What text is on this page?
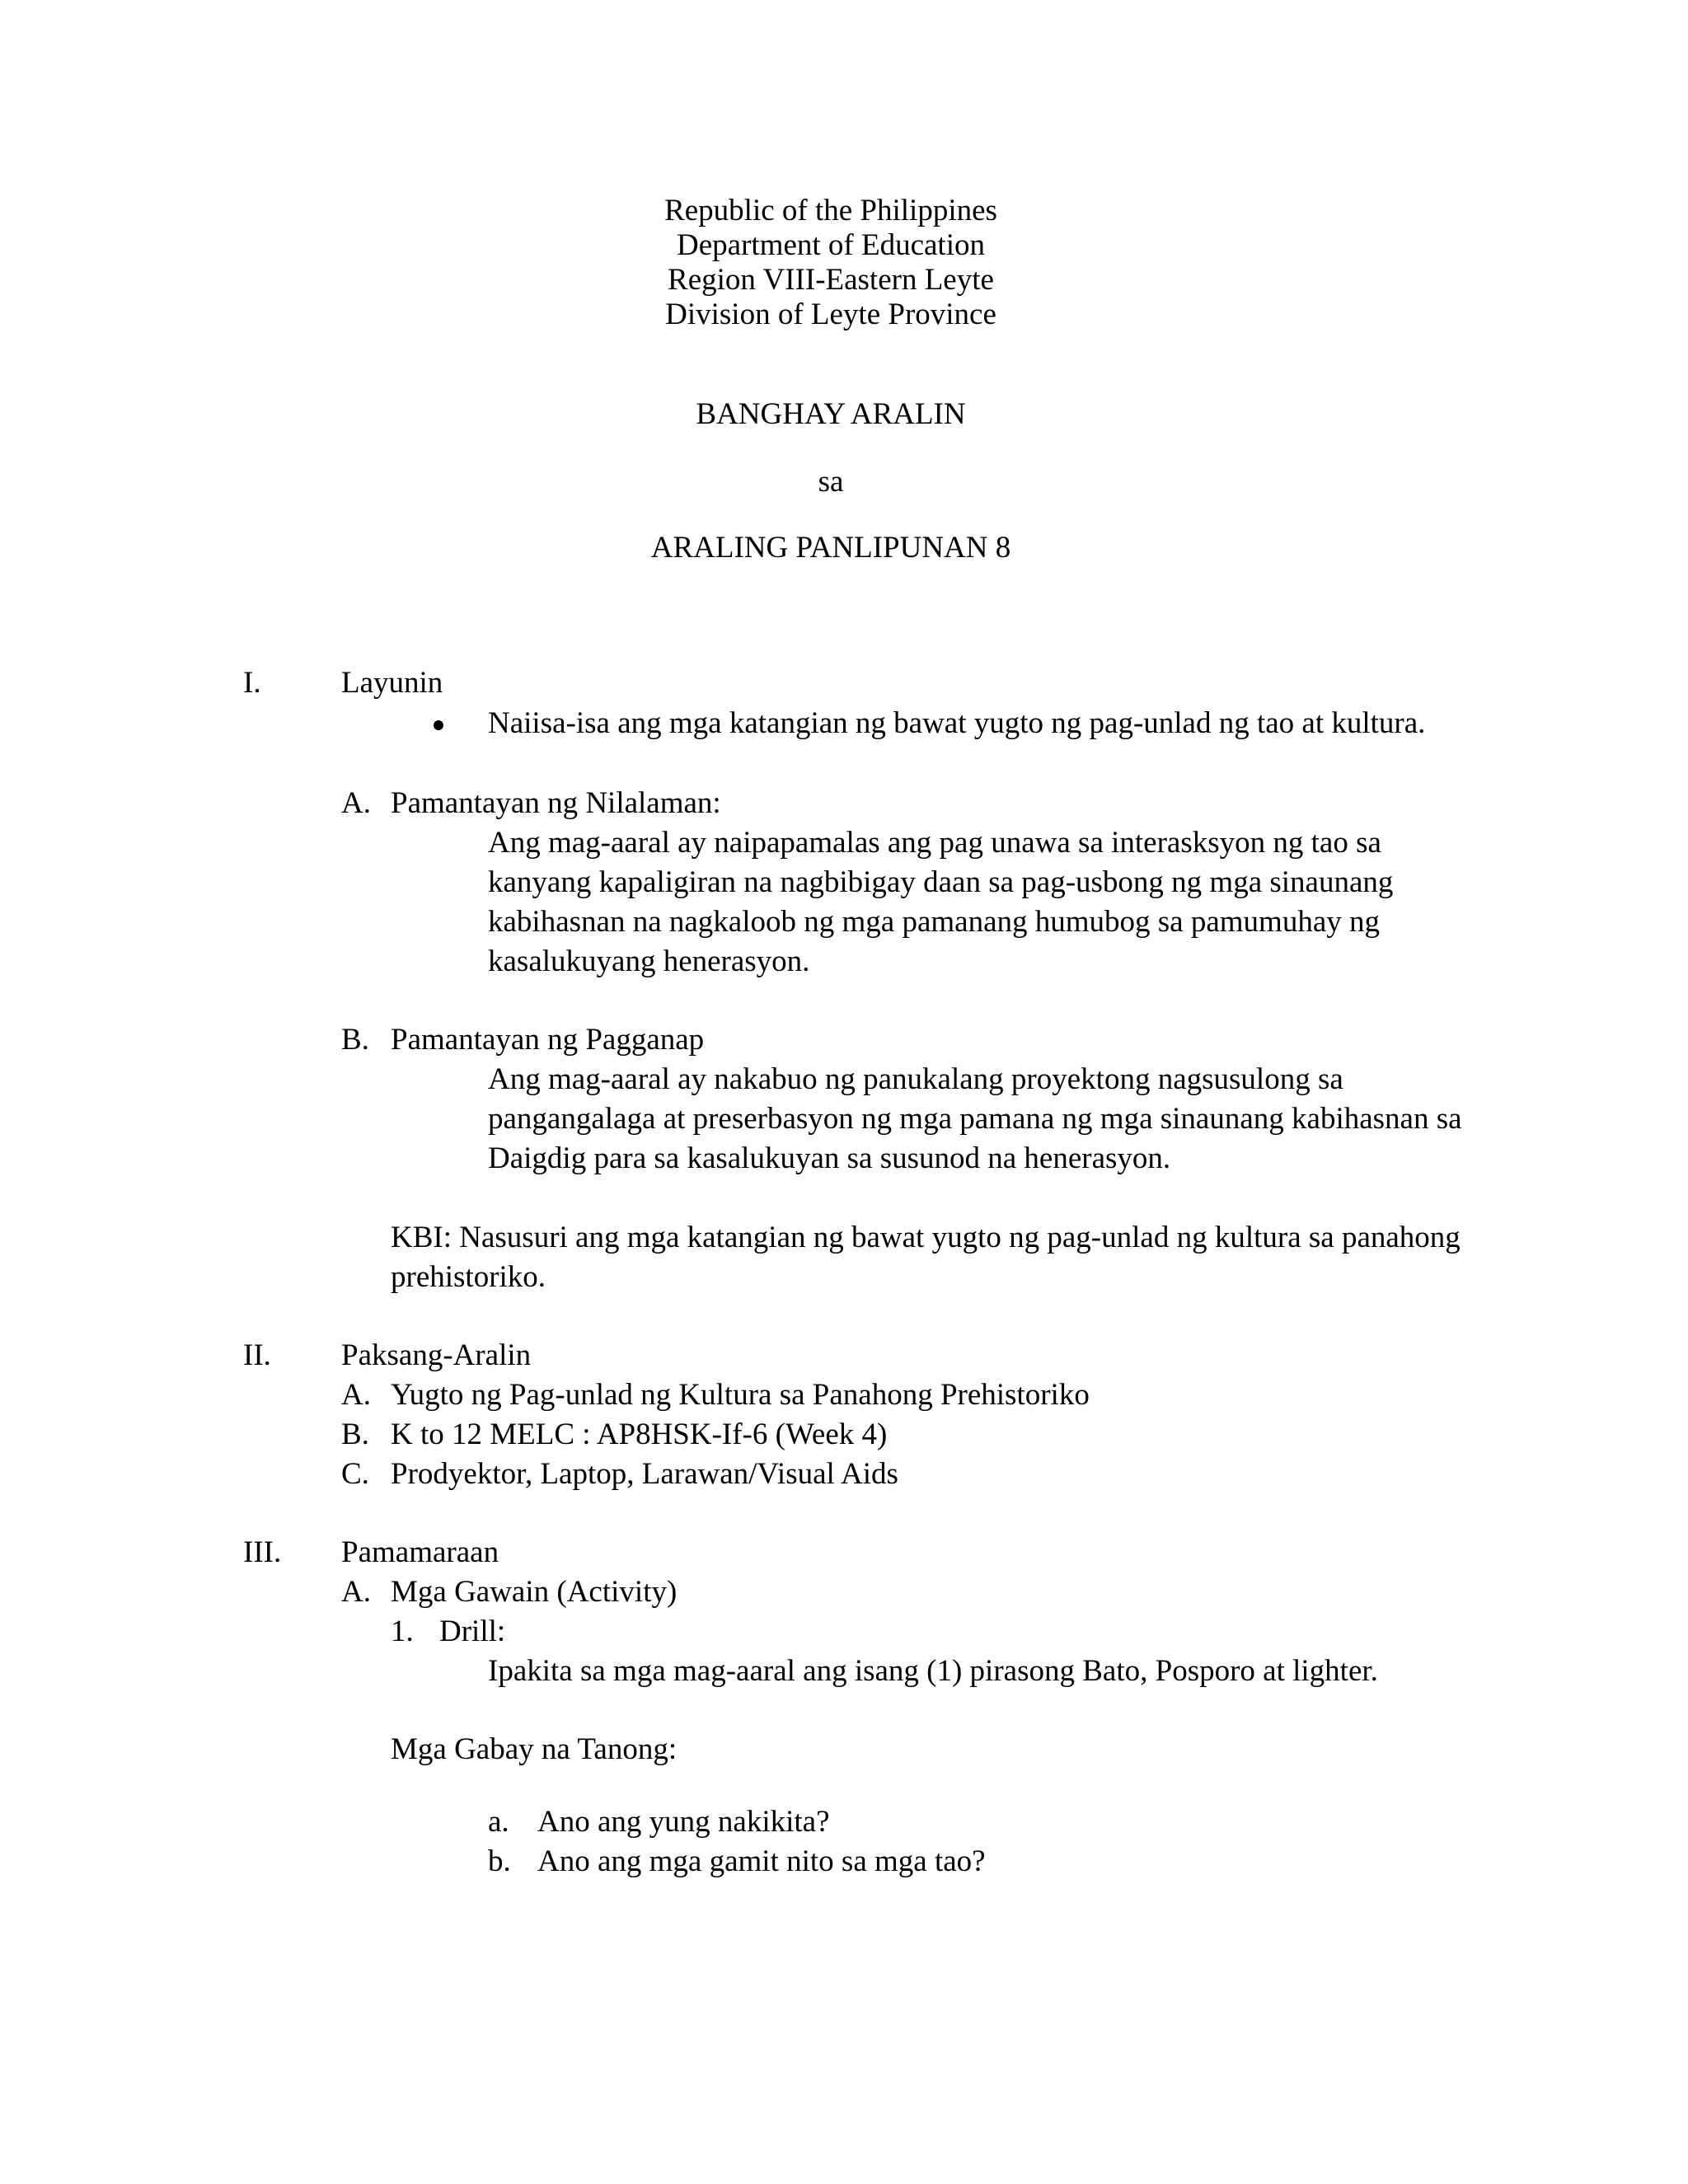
Republic of the Philippines
Department of Education
Region VIII-Eastern Leyte
Division of Leyte Province
BANGHAY ARALIN
sa
ARALING PANLIPUNAN 8
I.	Layunin
Naiisa-isa ang mga katangian ng bawat yugto ng pag-unlad ng tao at kultura.
A. Pamantayan ng Nilalaman:
Ang mag-aaral ay naipapamalas ang pag unawa sa interasksyon ng tao sa
kanyang kapaligiran na nagbibigay daan sa pag-usbong ng mga sinaunang
kabihasnan na nagkaloob ng mga pamanang humubog sa pamumuhay ng
kasalukuyang henerasyon.
B. Pamantayan ng Pagganap
Ang mag-aaral ay nakabuo ng panukalang proyektong nagsusulong sa
pangangalaga at preserbasyon ng mga pamana ng mga sinaunang kabihasnan sa
Daigdig para sa kasalukuyan sa susunod na henerasyon.
KBI: Nasusuri ang mga katangian ng bawat yugto ng pag-unlad ng kultura sa panahong
prehistoriko.
II. Paksang-Aralin
A. Yugto ng Pag-unlad ng Kultura sa Panahong Prehistoriko
B. K to 12 MELC : AP8HSK-If-6 (Week 4)
C. Prodyektor, Laptop, Larawan/Visual Aids
III. Pamamaraan
A. Mga Gawain (Activity)
1. Drill:
Ipakita sa mga mag-aaral ang isang (1) pirasong Bato, Posporo at lighter.
Mga Gabay na Tanong:
a. Ano ang yung nakikita?
b. Ano ang mga gamit nito sa mga tao?
